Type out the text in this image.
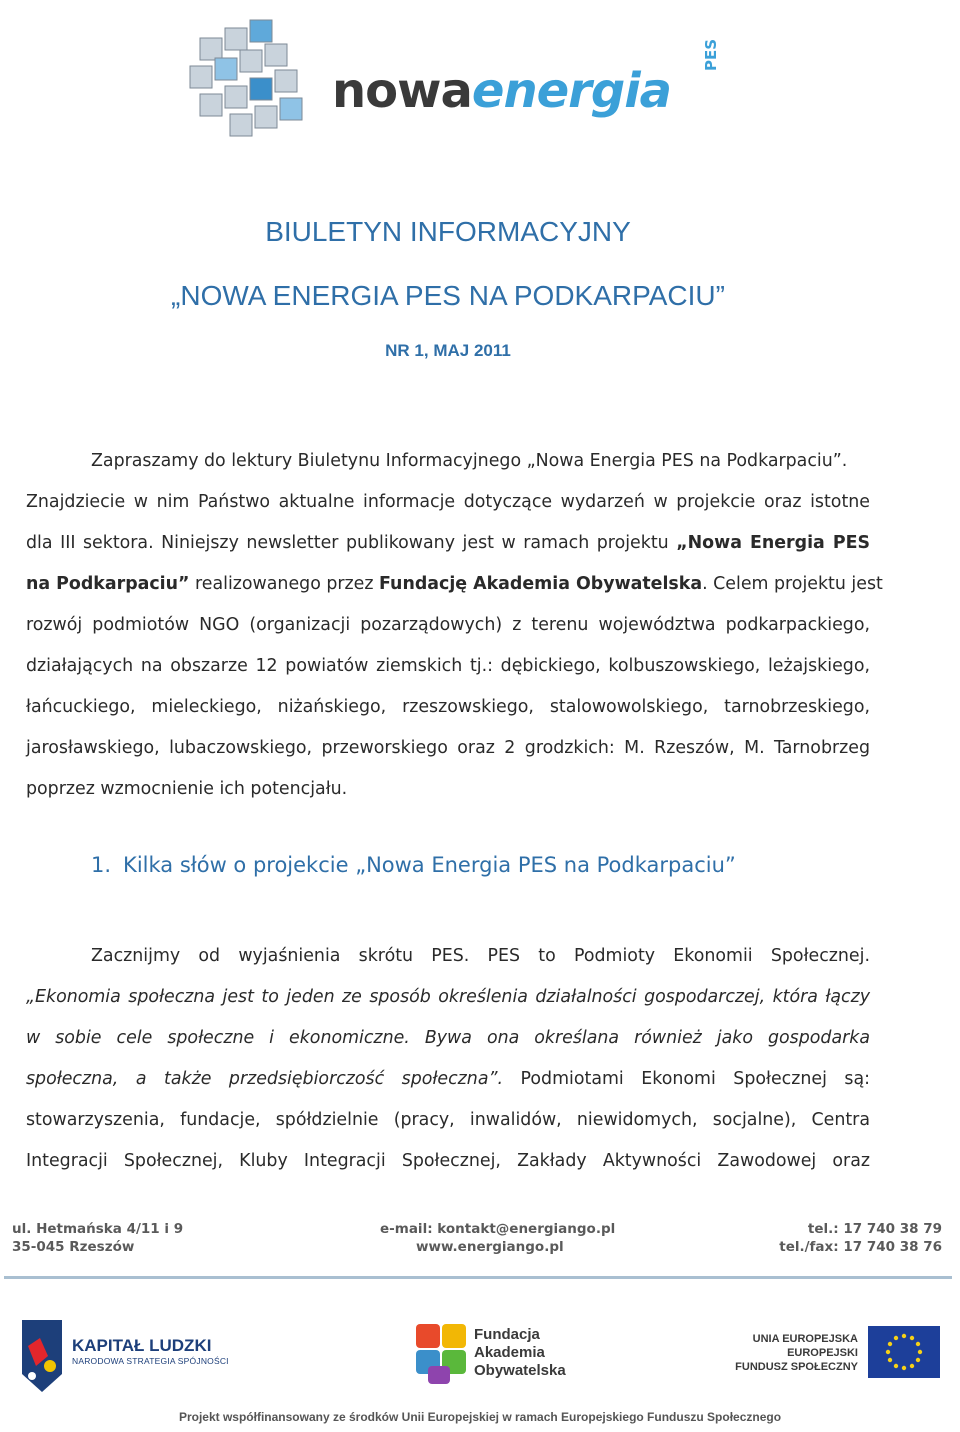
nowaenergia
PES
BIULETYN INFORMACYJNY
„NOWA ENERGIA PES NA PODKARPACIU”
NR 1, MAJ 2011
Zapraszamy do lektury Biuletynu Informacyjnego „Nowa Energia PES na Podkarpaciu”.
Znajdziecie w nim Państwo aktualne informacje dotyczące wydarzeń w projekcie oraz istotne
dla III sektora. Niniejszy newsletter publikowany jest w ramach projektu „Nowa Energia PES
na Podkarpaciu” realizowanego przez Fundację Akademia Obywatelska. Celem projektu jest
rozwój podmiotów NGO (organizacji pozarządowych) z terenu województwa podkarpackiego,
działających na obszarze 12 powiatów ziemskich tj.: dębickiego, kolbuszowskiego, leżajskiego,
łańcuckiego, mieleckiego, niżańskiego, rzeszowskiego, stalowowolskiego, tarnobrzeskiego,
jarosławskiego, lubaczowskiego, przeworskiego oraz 2 grodzkich: M. Rzeszów, M. Tarnobrzeg
poprzez wzmocnienie ich potencjału.
1. Kilka słów o projekcie „Nowa Energia PES na Podkarpaciu”
Zacznijmy od wyjaśnienia skrótu PES. PES to Podmioty Ekonomii Społecznej.
„Ekonomia społeczna jest to jeden ze sposób określenia działalności gospodarczej, która łączy
w sobie cele społeczne i ekonomiczne. Bywa ona określana również jako gospodarka
społeczna, a także przedsiębiorczość społeczna”. Podmiotami Ekonomi Społecznej są:
stowarzyszenia, fundacje, spółdzielnie (pracy, inwalidów, niewidomych, socjalne), Centra
Integracji Społecznej, Kluby Integracji Społecznej, Zakłady Aktywności Zawodowej oraz
ul. Hetmańska 4/11 i 9
35-045 Rzeszów
e-mail: kontakt@energiango.pl
www.energiango.pl
tel.: 17 740 38 79
tel./fax: 17 740 38 76
KAPITAŁ LUDZKI
NARODOWA STRATEGIA SPÓJNOŚCI
Fundacja
Akademia
Obywatelska
UNIA EUROPEJSKA
EUROPEJSKI
FUNDUSZ SPOŁECZNY
Projekt współfinansowany ze środków Unii Europejskiej w ramach Europejskiego Funduszu Społecznego
